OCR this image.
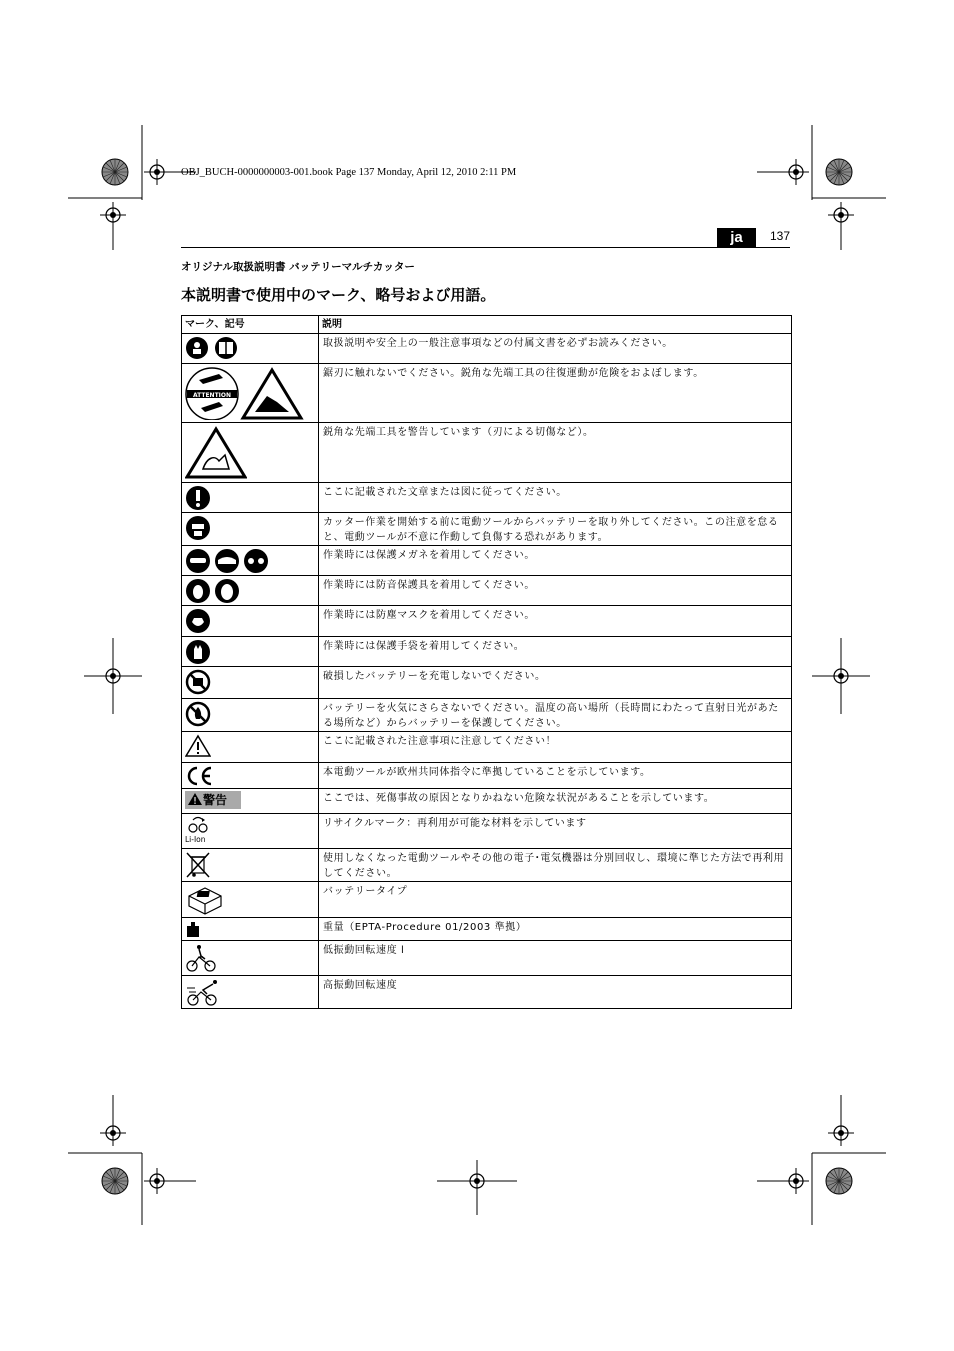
OBJ_BUCH-0000000003-001.book Page 137 Monday, April 12, 2010 2:11 PM
ja	137
オリジナル取扱説明書 バッテリーマルチカッター
本説明書で使用中のマーク、略号および用語。
マーク、記号	説明

	取扱説明や安全上の一般注意事項などの付属文書を必ずお読みください。

ATTENTION	鋸刃に触れないでください。鋭角な先端工具の往復運動が危険をおよぼします。

	鋭角な先端工具を警告しています（刃による切傷など）。

	ここに記載された文章または図に従ってください。

	カッター作業を開始する前に電動ツールからバッテリーを取り外してください。この注意を怠ると、電動ツールが不意に作動して負傷する恐れがあります。

	作業時には保護メガネを着用してください。

	作業時には防音保護具を着用してください。

	作業時には防塵マスクを着用してください。

	作業時には保護手袋を着用してください。

	破損したバッテリーを充電しないでください。

	バッテリーを火気にさらさないでください。温度の高い場所（長時間にわたって直射日光があたる場所など）からバッテリーを保護してください。

	ここに記載された注意事項に注意してください！

	本電動ツールが欧州共同体指令に準拠していることを示しています。
警告	ここでは、死傷事故の原因となりかねない危険な状況があることを示しています。

Li-Ion	リサイクルマーク：再利用が可能な材料を示しています

	使用しなくなった電動ツールやその他の電子･電気機器は分別回収し、環境に準じた方法で再利用してください。

	バッテリータイプ

	重量（EPTA-Procedure 01/2003 準拠）

	低振動回転速度 l

	高振動回転速度
